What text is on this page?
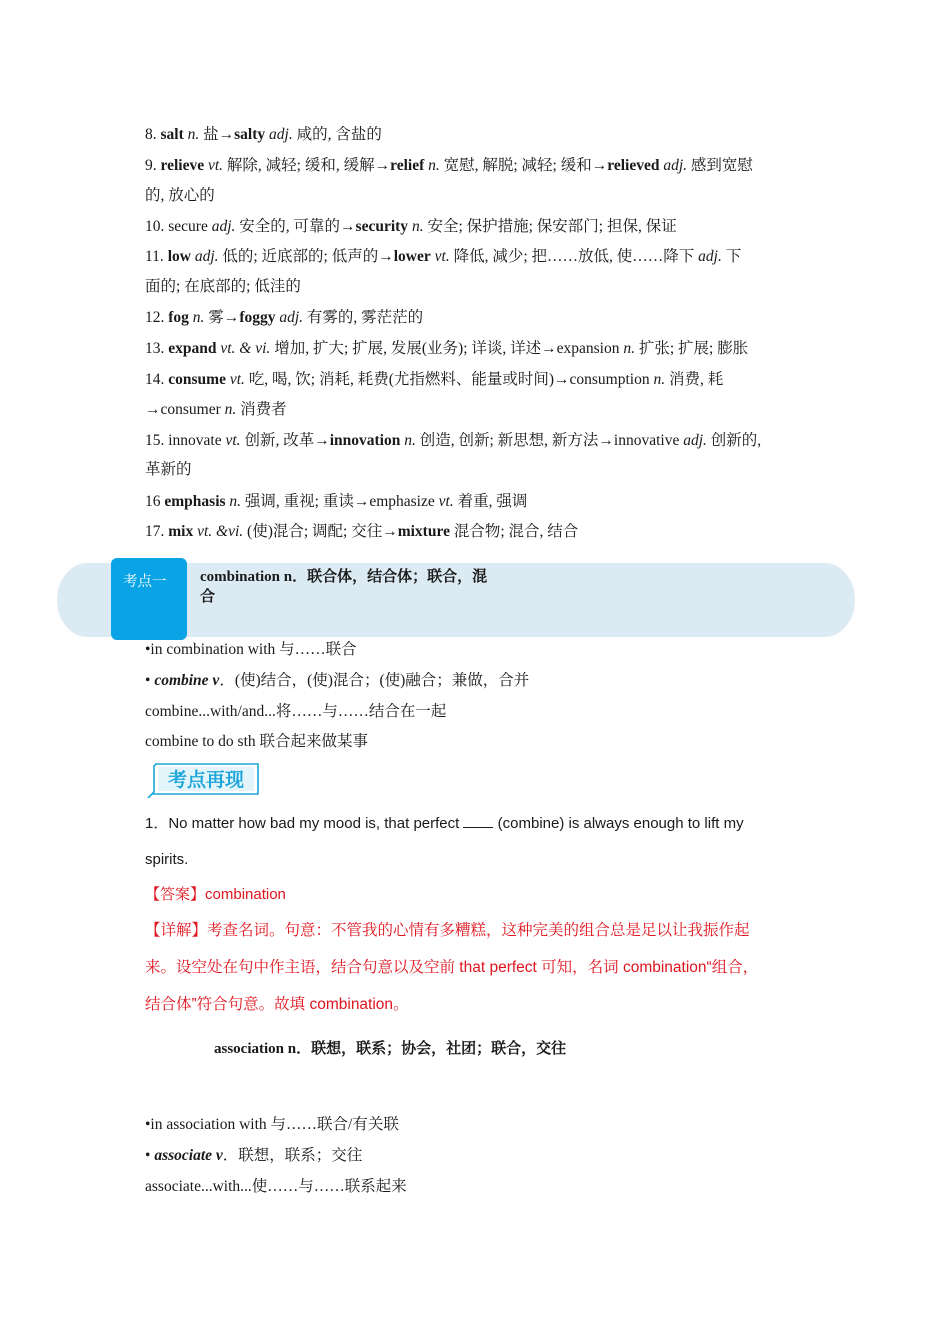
8. salt n. 盐→salty adj. 咸的, 含盐的
9. relieve vt. 解除, 减轻; 缓和, 缓解→relief n. 宽慰, 解脱; 减轻; 缓和→relieved adj. 感到宽慰
的, 放心的
10. secure adj. 安全的, 可靠的→security n. 安全; 保护措施; 保安部门; 担保, 保证
11. low adj. 低的; 近底部的; 低声的→lower vt. 降低, 减少; 把……放低, 使……降下 adj. 下
面的; 在底部的; 低洼的
12. fog n. 雾→foggy adj. 有雾的, 雾茫茫的
13. expand vt. & vi. 增加, 扩大; 扩展, 发展(业务); 详谈, 详述→expansion n. 扩张; 扩展; 膨胀
14. consume vt. 吃, 喝, 饮; 消耗, 耗费(尤指燃料、能量或时间)→consumption n. 消费, 耗
→consumer n. 消费者
15. innovate vt. 创新, 改革→innovation n. 创造, 创新; 新思想, 新方法→innovative adj. 创新的,
革新的
16 emphasis n. 强调, 重视; 重读→emphasize vt. 着重, 强调
17. mix vt. &vi. (使)混合; 调配; 交往→mixture 混合物; 混合, 结合
考点一 combination n．联合体，结合体；联合，混合
•in combination with 与……联合
• combine v．(使)结合，(使)混合；(使)融合；兼做，合并
combine...with/and...将……与……结合在一起
combine to do sth 联合起来做某事
考点再现
1．No matter how bad my mood is, that perfect  (combine) is always enough to lift my
spirits.
【答案】combination
【详解】考查名词。句意：不管我的心情有多糟糕，这种完美的组合总是足以让我振作起
来。设空处在句中作主语，结合句意以及空前 that perfect 可知，名词 combination“组合，
结合体”符合句意。故填 combination。
association n．联想，联系；协会，社团；联合，交往
•in association with 与……联合/有关联
• associate v．联想，联系；交往
associate...with...使……与……联系起来
